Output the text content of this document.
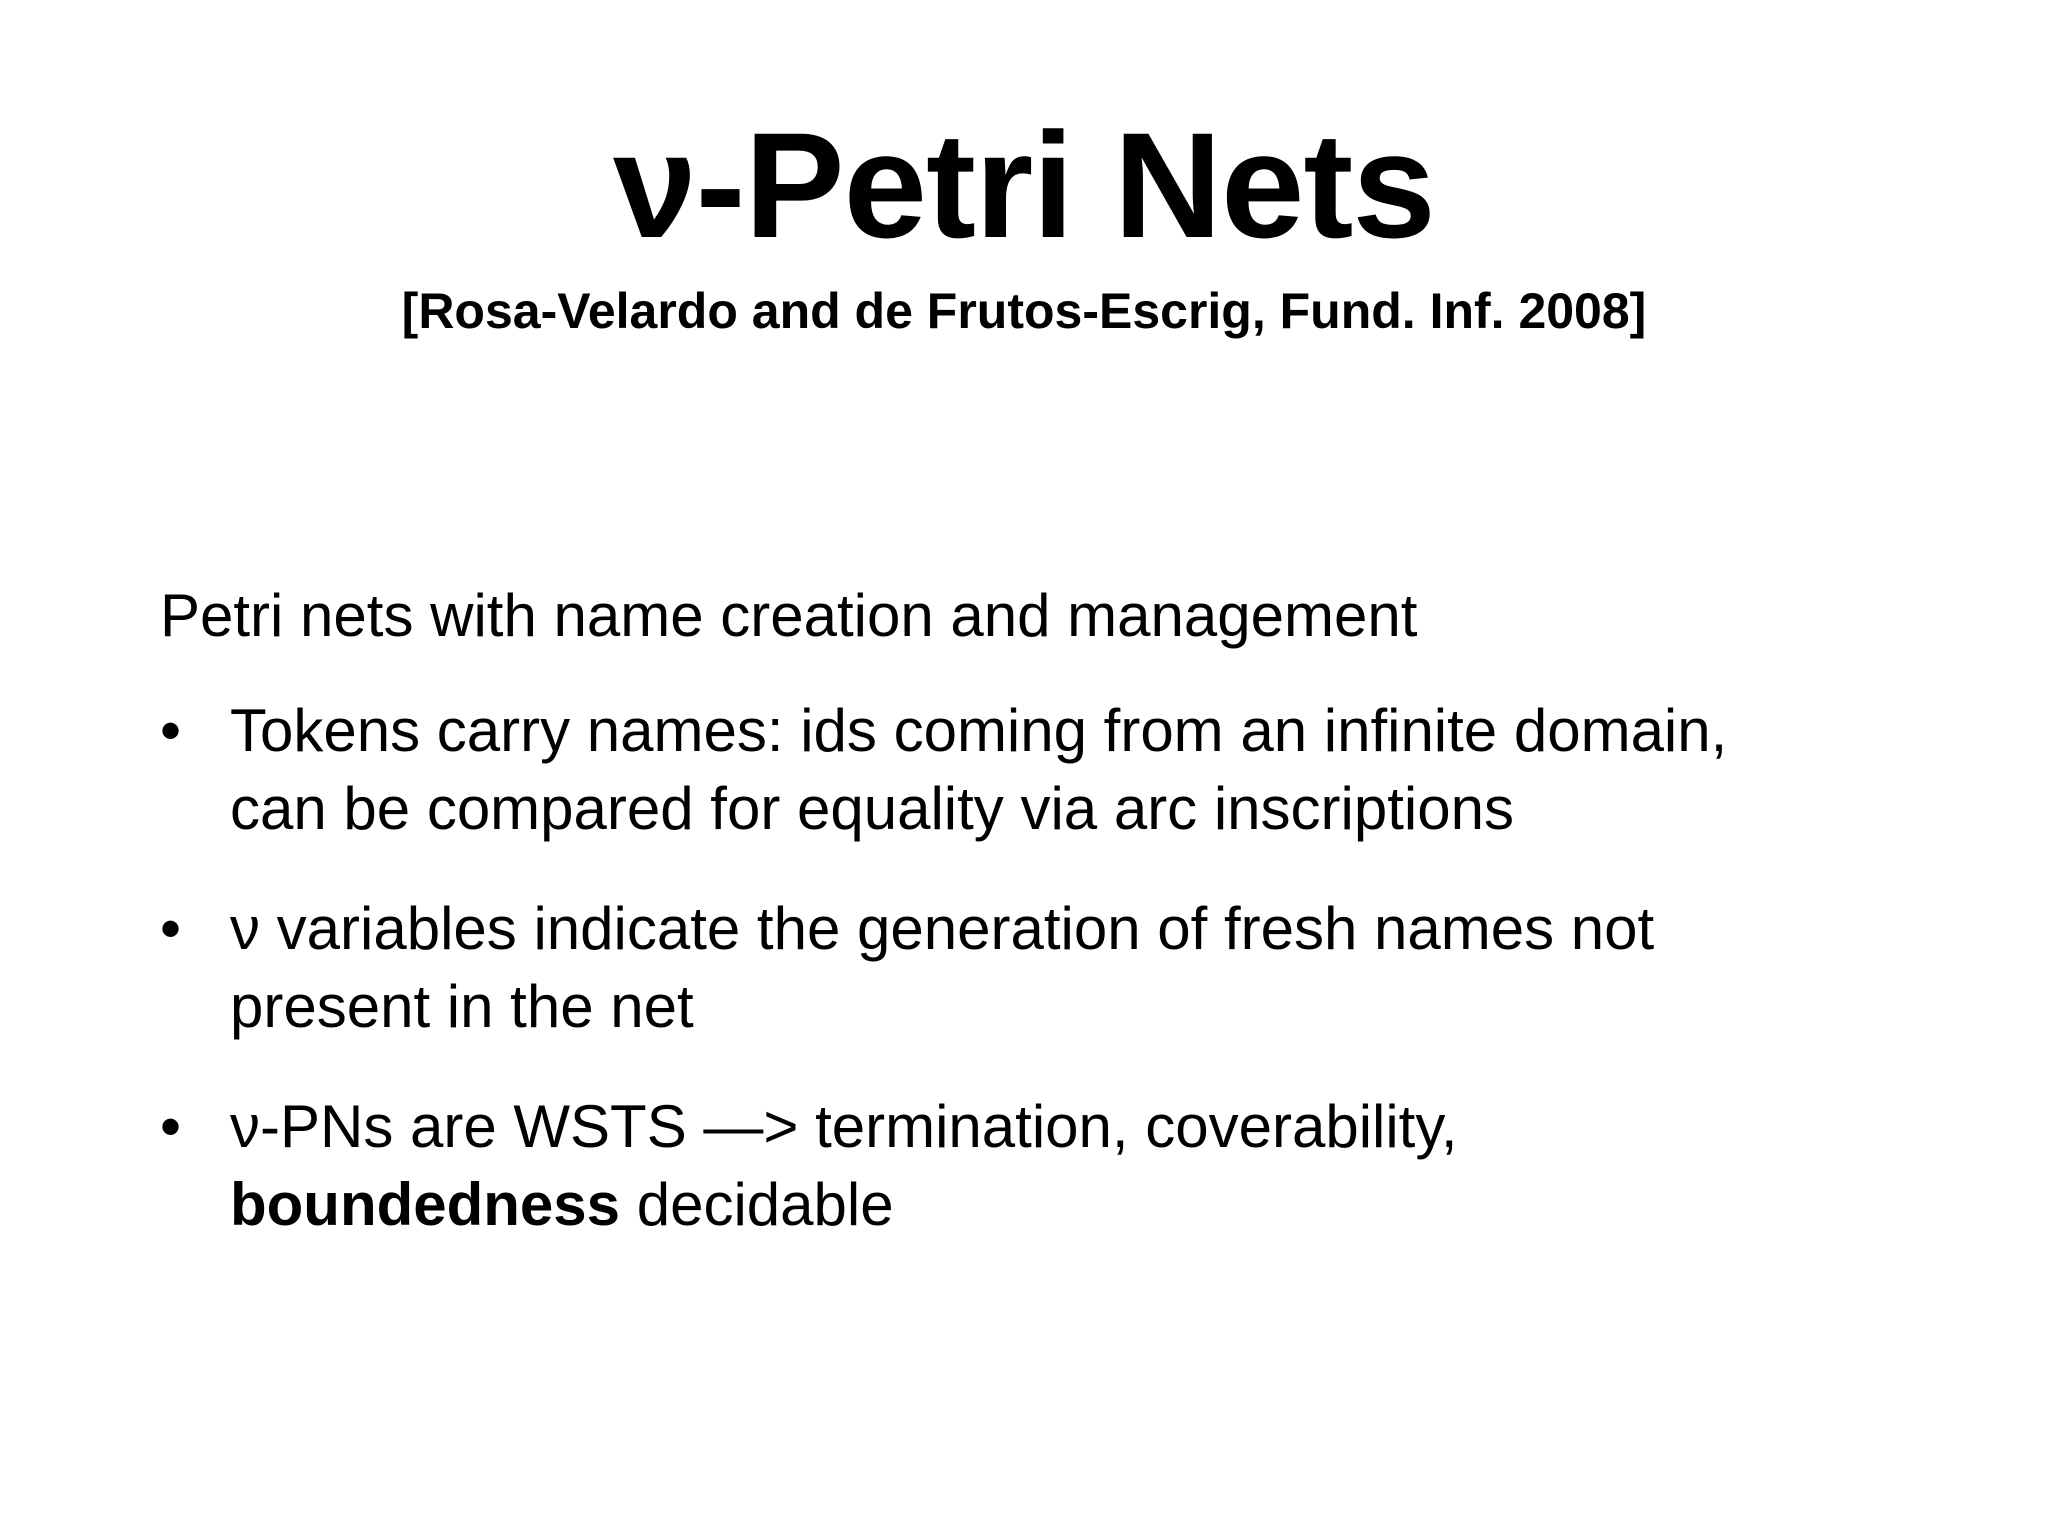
ν-Petri Nets
[Rosa-Velardo and de Frutos-Escrig, Fund. Inf. 2008]
Petri nets with name creation and management
• Tokens carry names: ids coming from an infinite domain,
can be compared for equality via arc inscriptions
• ν variables indicate the generation of fresh names not
present in the net
• ν-PNs are WSTS —> termination, coverability,
boundedness decidable
